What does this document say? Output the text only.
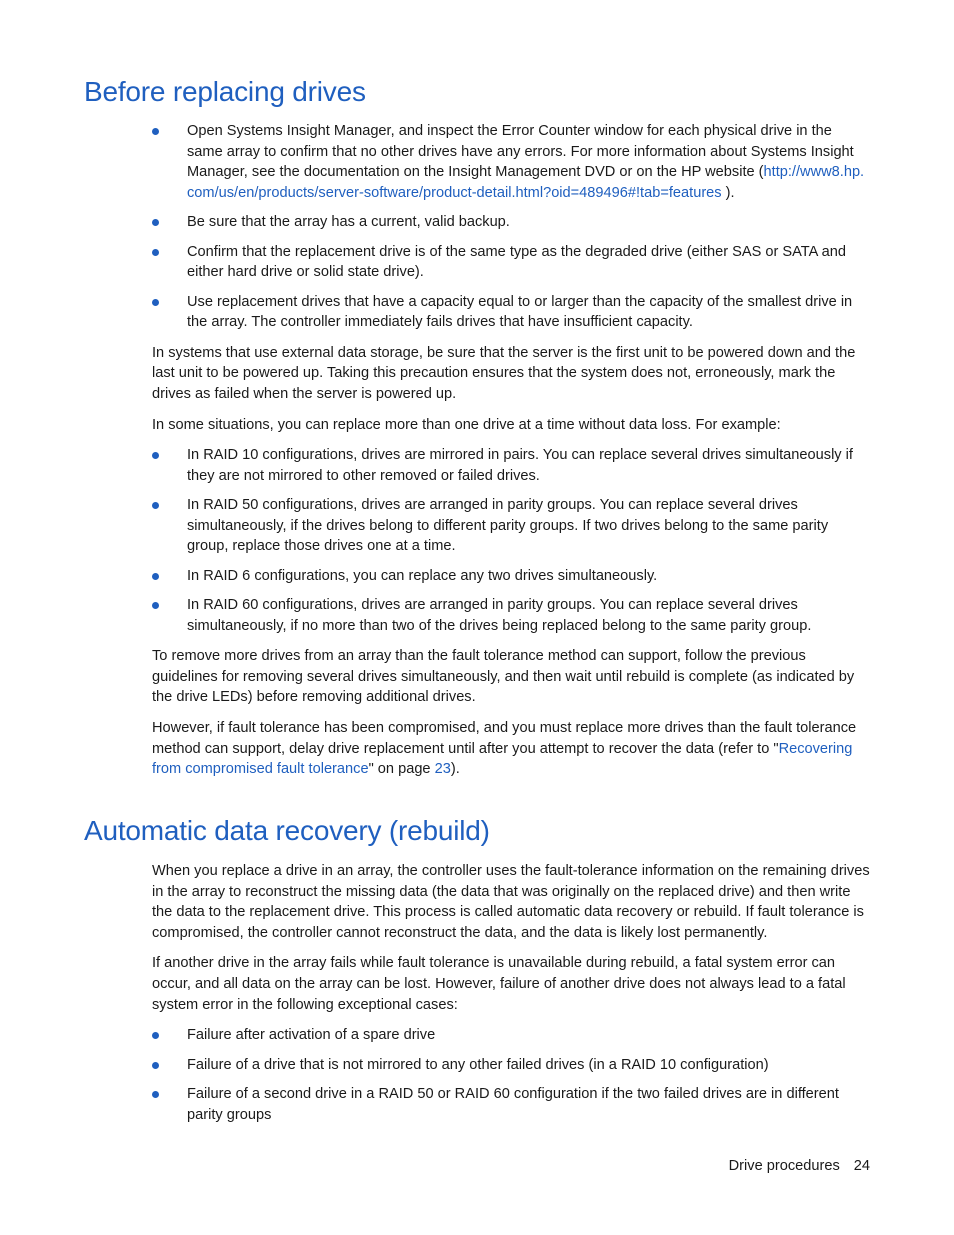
Before replacing drives
Open Systems Insight Manager, and inspect the Error Counter window for each physical drive in the same array to confirm that no other drives have any errors. For more information about Systems Insight Manager, see the documentation on the Insight Management DVD or on the HP website (http://www8.hp.com/us/en/products/server-software/product-detail.html?oid=489496#!tab=features ).
Be sure that the array has a current, valid backup.
Confirm that the replacement drive is of the same type as the degraded drive (either SAS or SATA and either hard drive or solid state drive).
Use replacement drives that have a capacity equal to or larger than the capacity of the smallest drive in the array. The controller immediately fails drives that have insufficient capacity.

In systems that use external data storage, be sure that the server is the first unit to be powered down and the last unit to be powered up. Taking this precaution ensures that the system does not, erroneously, mark the drives as failed when the server is powered up.

In some situations, you can replace more than one drive at a time without data loss. For example:

In RAID 10 configurations, drives are mirrored in pairs. You can replace several drives simultaneously if they are not mirrored to other removed or failed drives.
In RAID 50 configurations, drives are arranged in parity groups. You can replace several drives simultaneously, if the drives belong to different parity groups. If two drives belong to the same parity group, replace those drives one at a time.
In RAID 6 configurations, you can replace any two drives simultaneously.
In RAID 60 configurations, drives are arranged in parity groups. You can replace several drives simultaneously, if no more than two of the drives being replaced belong to the same parity group.

To remove more drives from an array than the fault tolerance method can support, follow the previous guidelines for removing several drives simultaneously, and then wait until rebuild is complete (as indicated by the drive LEDs) before removing additional drives.

However, if fault tolerance has been compromised, and you must replace more drives than the fault tolerance method can support, delay drive replacement until after you attempt to recover the data (refer to "Recovering from compromised fault tolerance" on page 23).

Automatic data recovery (rebuild)

When you replace a drive in an array, the controller uses the fault-tolerance information on the remaining drives in the array to reconstruct the missing data (the data that was originally on the replaced drive) and then write the data to the replacement drive. This process is called automatic data recovery or rebuild. If fault tolerance is compromised, the controller cannot reconstruct the data, and the data is likely lost permanently.

If another drive in the array fails while fault tolerance is unavailable during rebuild, a fatal system error can occur, and all data on the array can be lost. However, failure of another drive does not always lead to a fatal system error in the following exceptional cases:

Failure after activation of a spare drive
Failure of a drive that is not mirrored to any other failed drives (in a RAID 10 configuration)
Failure of a second drive in a RAID 50 or RAID 60 configuration if the two failed drives are in different parity groups
Drive procedures 24
